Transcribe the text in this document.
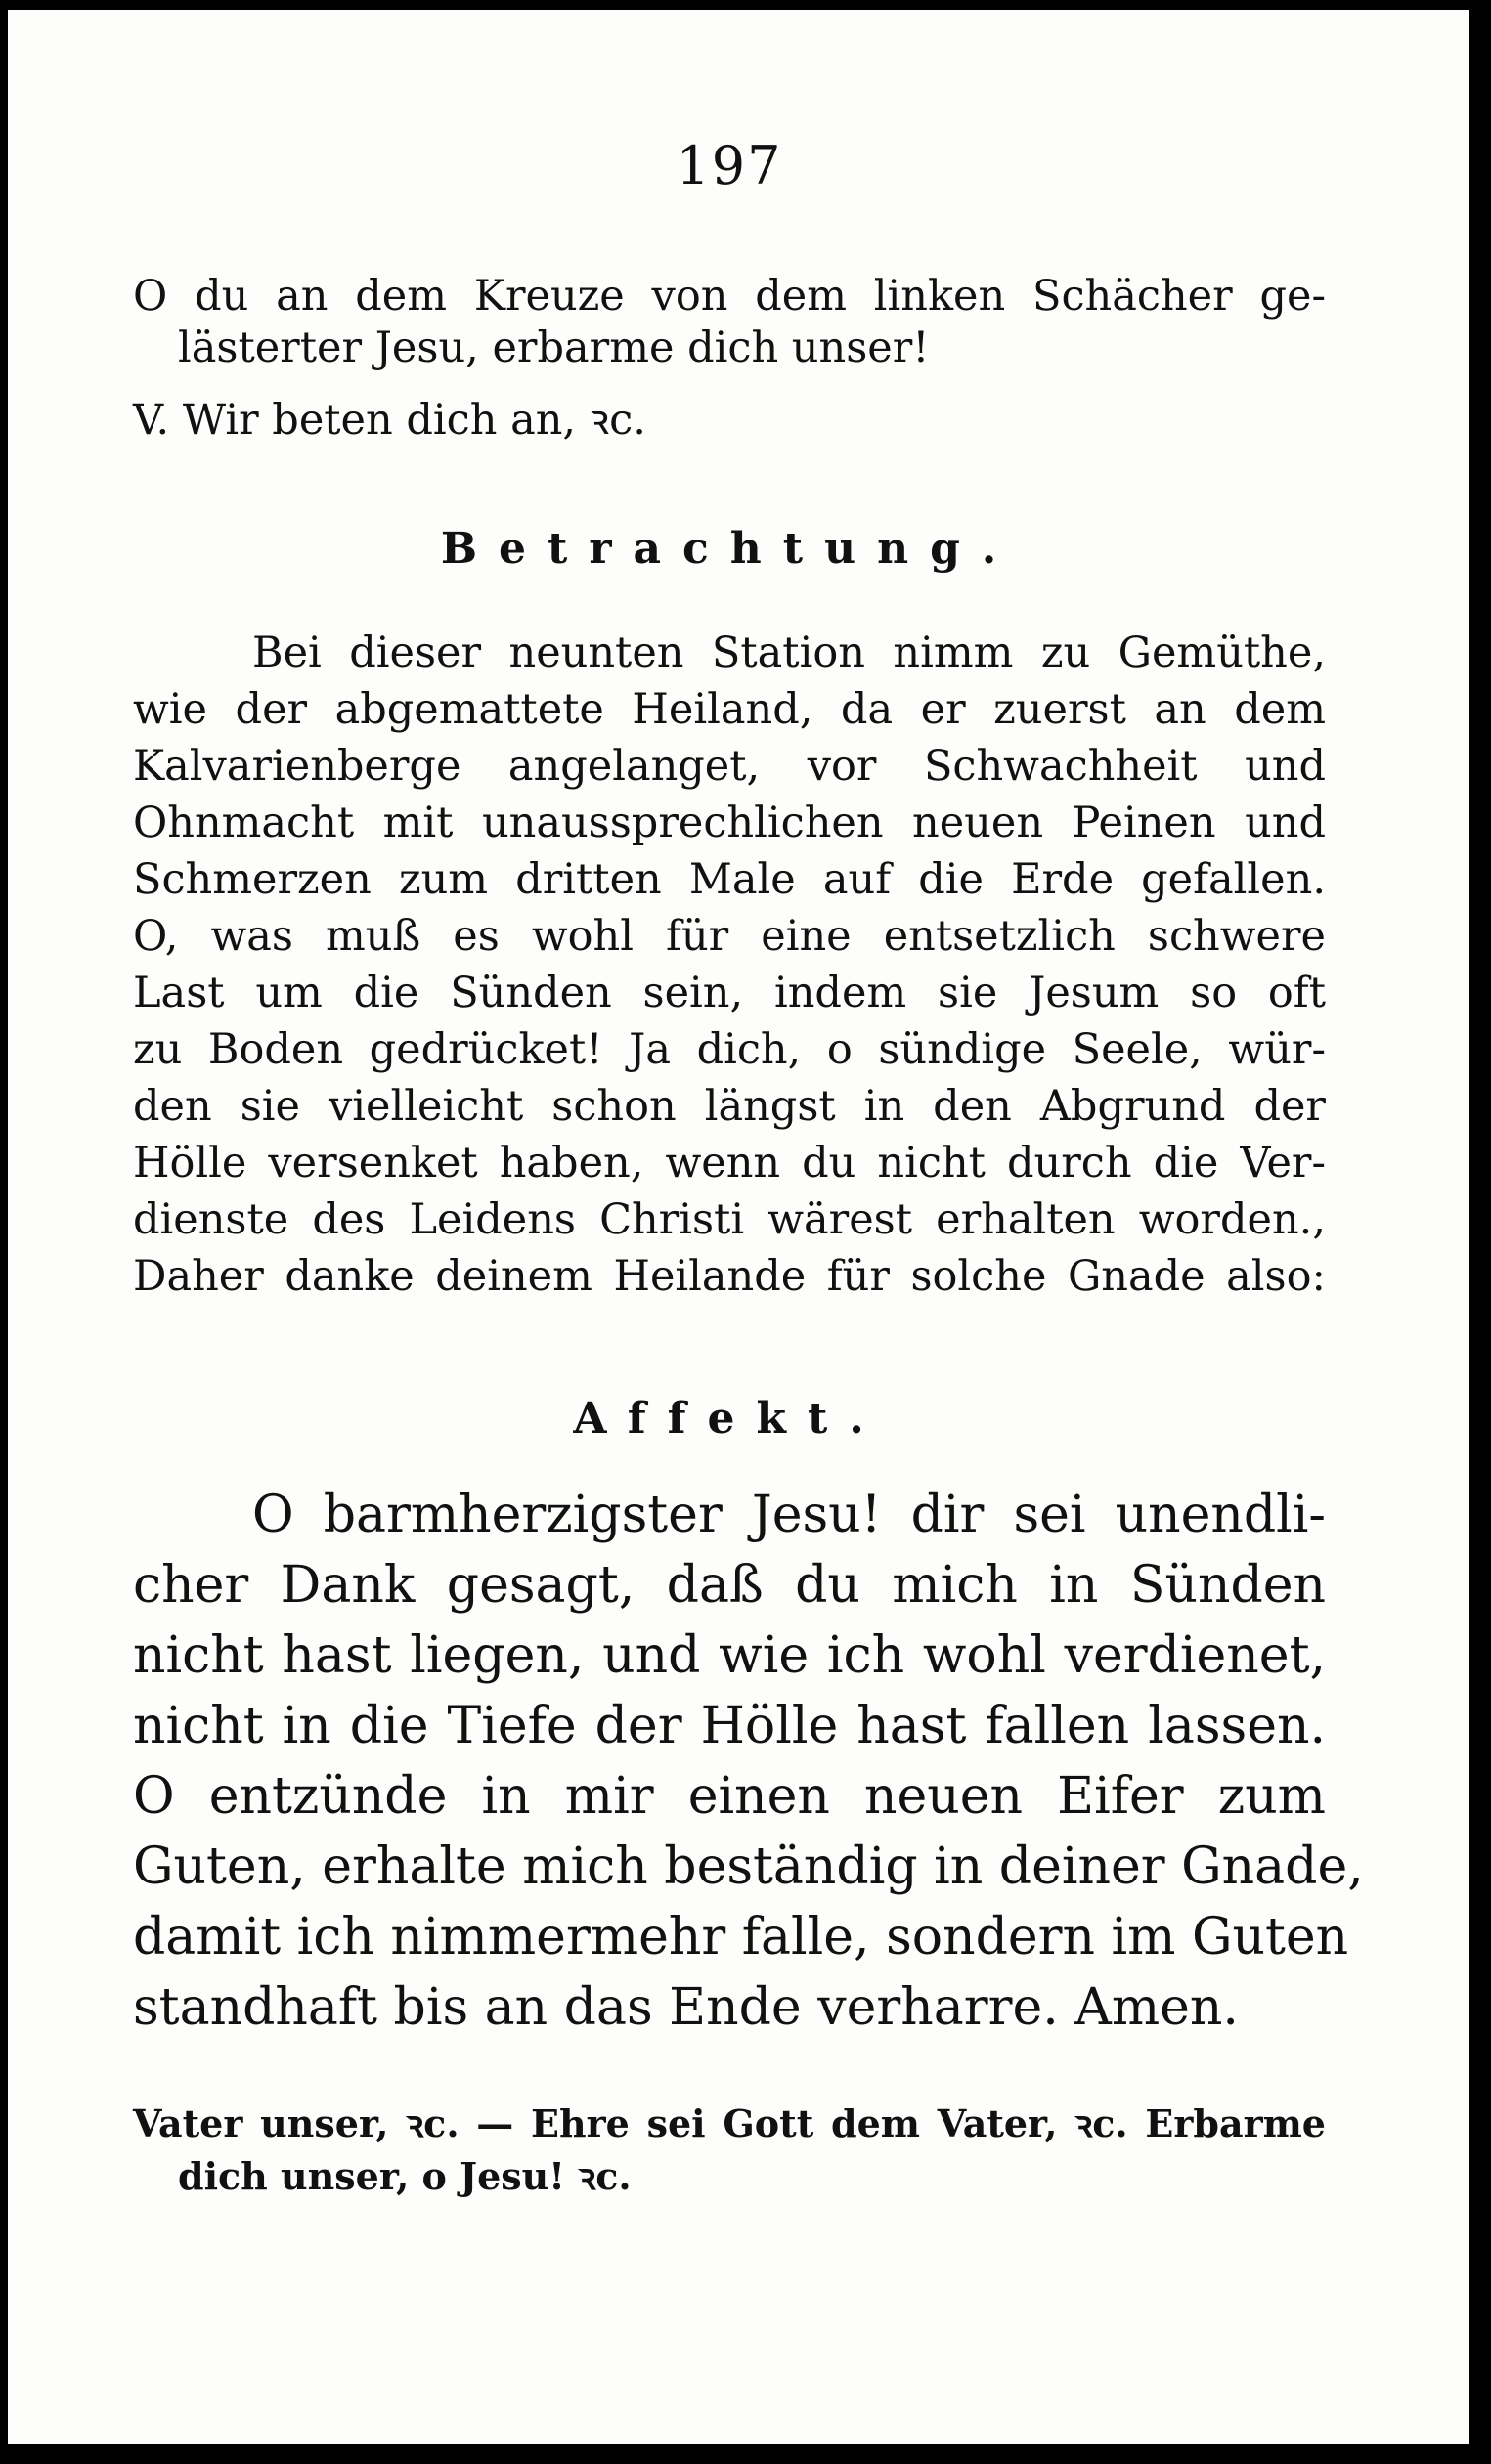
197
O du an dem Kreuze von dem linken Schächer ge-
lästerter Jesu, erbarme dich unser!
V. Wir beten dich an, ꝛc.
Betrachtung.
Bei dieser neunten Station nimm zu Gemüthe,
wie der abgemattete Heiland, da er zuerst an dem
Kalvarienberge angelanget, vor Schwachheit und
Ohnmacht mit unaussprechlichen neuen Peinen und
Schmerzen zum dritten Male auf die Erde gefallen.
O, was muß es wohl für eine entsetzlich schwere
Last um die Sünden sein, indem sie Jesum so oft
zu Boden gedrücket! Ja dich, o sündige Seele, wür-
den sie vielleicht schon längst in den Abgrund der
Hölle versenket haben, wenn du nicht durch die Ver-
dienste des Leidens Christi wärest erhalten worden.,
Daher danke deinem Heilande für solche Gnade also:
Affekt.
O barmherzigster Jesu! dir sei unendli-
cher Dank gesagt, daß du mich in Sünden
nicht hast liegen, und wie ich wohl verdienet,
nicht in die Tiefe der Hölle hast fallen lassen.
O entzünde in mir einen neuen Eifer zum
Guten, erhalte mich beständig in deiner Gnade,
damit ich nimmermehr falle, sondern im Guten
standhaft bis an das Ende verharre. Amen.
Vater unser, ꝛc. — Ehre sei Gott dem Vater, ꝛc. Erbarme
dich unser, o Jesu! ꝛc.
